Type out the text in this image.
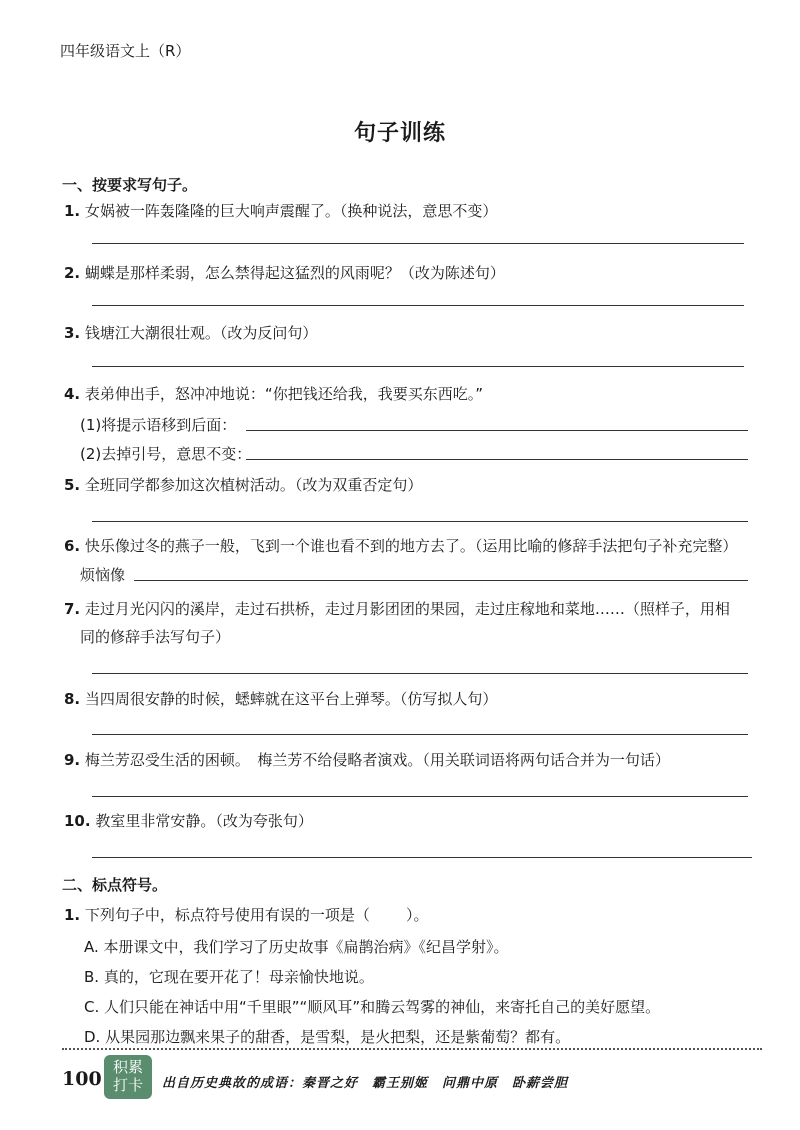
四年级语文上（R）
句子训练
一、按要求写句子。
1. 女娲被一阵轰隆隆的巨大响声震醒了。（换种说法，意思不变）
2. 蝴蝶是那样柔弱，怎么禁得起这猛烈的风雨呢？（改为陈述句）
3. 钱塘江大潮很壮观。（改为反问句）
4. 表弟伸出手，怒冲冲地说：“你把钱还给我，我要买东西吃。”
(1)将提示语移到后面：
(2)去掉引号，意思不变：
5. 全班同学都参加这次植树活动。（改为双重否定句）
6. 快乐像过冬的燕子一般，飞到一个谁也看不到的地方去了。（运用比喻的修辞手法把句子补充完整）
烦恼像
7. 走过月光闪闪的溪岸，走过石拱桥，走过月影团团的果园，走过庄稼地和菜地……（照样子，用相
同的修辞手法写句子）
8. 当四周很安静的时候，蟋蟀就在这平台上弹琴。（仿写拟人句）
9. 梅兰芳忍受生活的困顿。　梅兰芳不给侵略者演戏。（用关联词语将两句话合并为一句话）
10. 教室里非常安静。（改为夸张句）
二、标点符号。
1. 下列句子中，标点符号使用有误的一项是（ ）。
A. 本册课文中，我们学习了历史故事《扁鹊治病》《纪昌学射》。
B. 真的，它现在要开花了！母亲愉快地说。
C. 人们只能在神话中用“千里眼”“顺风耳”和腾云驾雾的神仙，来寄托自己的美好愿望。
D. 从果园那边飘来果子的甜香，是雪梨，是火把梨，还是紫葡萄？都有。
100
积累
打卡	出自历史典故的成语：秦晋之好　霸王别姬　问鼎中原　卧薪尝胆
